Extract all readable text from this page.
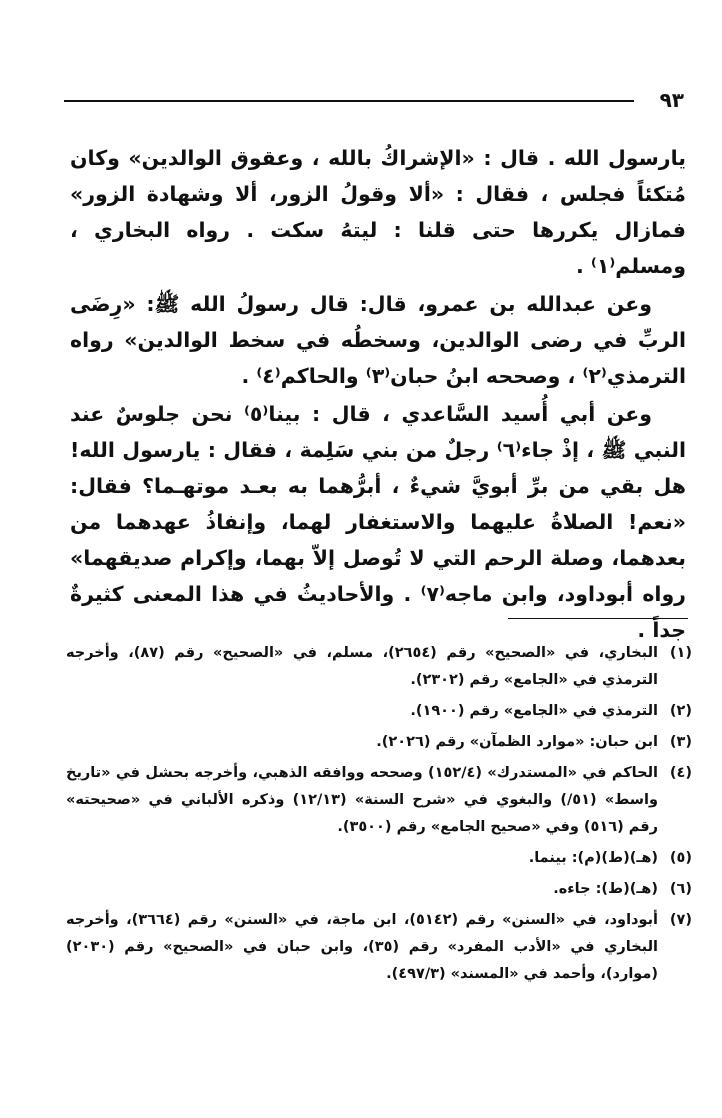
٩٣

يارسول الله . قال : «الإشراكُ بالله ، وعقوق الوالدين» وكان مُتكئاً فجلس ، فقال : «ألا وقولُ الزور، ألا وشهادة الزور» فمازال يكررها حتى قلنا : ليتهُ سكت . رواه البخاري ، ومسلم⁽١⁾ .

وعن عبدالله بن عمرو، قال: قال رسولُ الله ﷺ: «رِضَى الربِّ في رضى الوالدين، وسخطُه في سخط الوالدين» رواه الترمذي⁽٢⁾ ، وصححه ابنُ حبان⁽٣⁾ والحاكم⁽٤⁾ .

وعن أبي أُسيد السَّاعدي ، قال : بينا⁽٥⁾ نحن جلوسٌ عند النبي ﷺ ، إذْ جاء⁽٦⁾ رجلٌ من بني سَلِمة ، فقال : يارسول الله! هل بقي من برِّ أبويَّ شيءٌ ، أبرُّهما به بعـد موتهـما؟ فقال: «نعم! الصلاةُ عليهما والاستغفار لهما، وإنفاذُ عهدهما من بعدهما، وصلة الرحم التي لا تُوصل إلاّ بهما، وإكرام صديقهما» رواه أبوداود، وابن ماجه⁽٧⁾ . والأحاديثُ في هذا المعنى كثيرةٌ جداً .

(١)
البخاري، في «الصحيح» رقم (٢٦٥٤)، مسلم، في «الصحيح» رقم (٨٧)، وأخرجه الترمذي في «الجامع» رقم (٢٣٠٢).
(٢)
الترمذي في «الجامع» رقم (١٩٠٠).
(٣)
ابن حبان: «موارد الظمآن» رقم (٢٠٢٦).
(٤)
الحاكم في «المستدرك» (١٥٢/٤) وصححه ووافقه الذهبي، وأخرجه بحشل في «تاريخ واسط» (٥١/) والبغوي في «شرح السنة» (١٢/١٣) وذكره الألباني في «صحيحته» رقم (٥١٦) وفي «صحيح الجامع» رقم (٣٥٠٠).
(٥)
(هـ)(ط)(م): بينما.
(٦)
(هـ)(ط): جاءه.
(٧)
أبوداود، في «السنن» رقم (٥١٤٢)، ابن ماجة، في «السنن» رقم (٣٦٦٤)، وأخرجه البخاري في «الأدب المفرد» رقم (٣٥)، وابن حبان في «الصحيح» رقم (٢٠٣٠) (موارد)، وأحمد في «المسند» (٤٩٧/٣).
